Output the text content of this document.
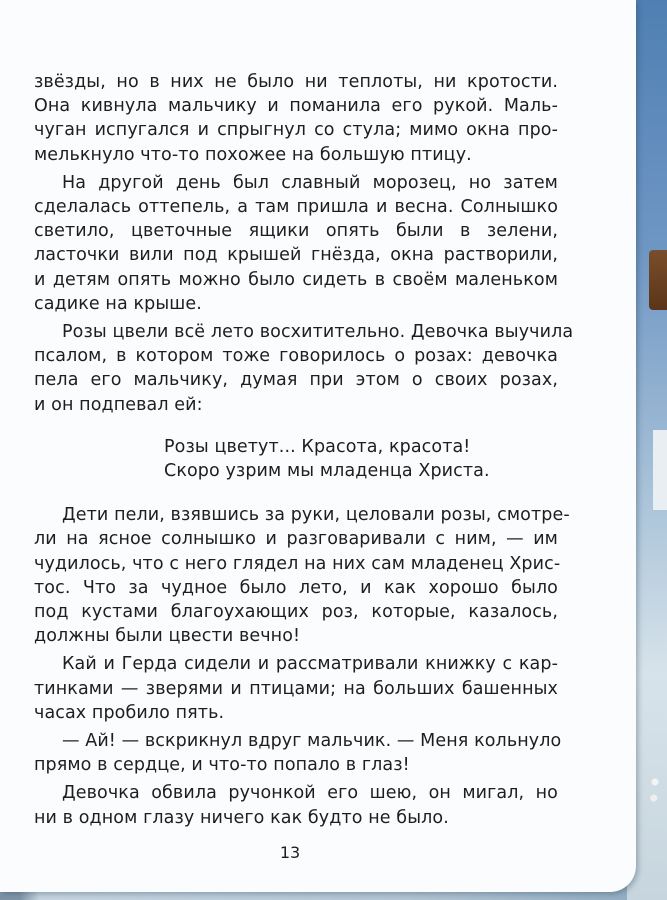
звёзды, но в них не было ни теплоты, ни кротости.
Она кивнула мальчику и поманила его рукой. Маль-
чуган испугался и спрыгнул со стула; мимо окна про-
мелькнуло что-то похожее на большую птицу.
На другой день был славный морозец, но затем
сделалась оттепель, а там пришла и весна. Солнышко
светило, цветочные ящики опять были в зелени,
ласточки вили под крышей гнёзда, окна растворили,
и детям опять можно было сидеть в своём маленьком
садике на крыше.
Розы цвели всё лето восхитительно. Девочка выучила
псалом, в котором тоже говорилось о розах: девочка
пела его мальчику, думая при этом о своих розах,
и он подпевал ей:
Розы цветут... Красота, красота!
Скоро узрим мы младенца Христа.
Дети пели, взявшись за руки, целовали розы, смотре-
ли на ясное солнышко и разговаривали с ним, — им
чудилось, что с него глядел на них сам младенец Хрис-
тос. Что за чудное было лето, и как хорошо было
под кустами благоухающих роз, которые, казалось,
должны были цвести вечно!
Кай и Герда сидели и рассматривали книжку с кар-
тинками — зверями и птицами; на больших башенных
часах пробило пять.
— Ай! — вскрикнул вдруг мальчик. — Меня кольнуло
прямо в сердце, и что-то попало в глаз!
Девочка обвила ручонкой его шею, он мигал, но
ни в одном глазу ничего как будто не было.
13
